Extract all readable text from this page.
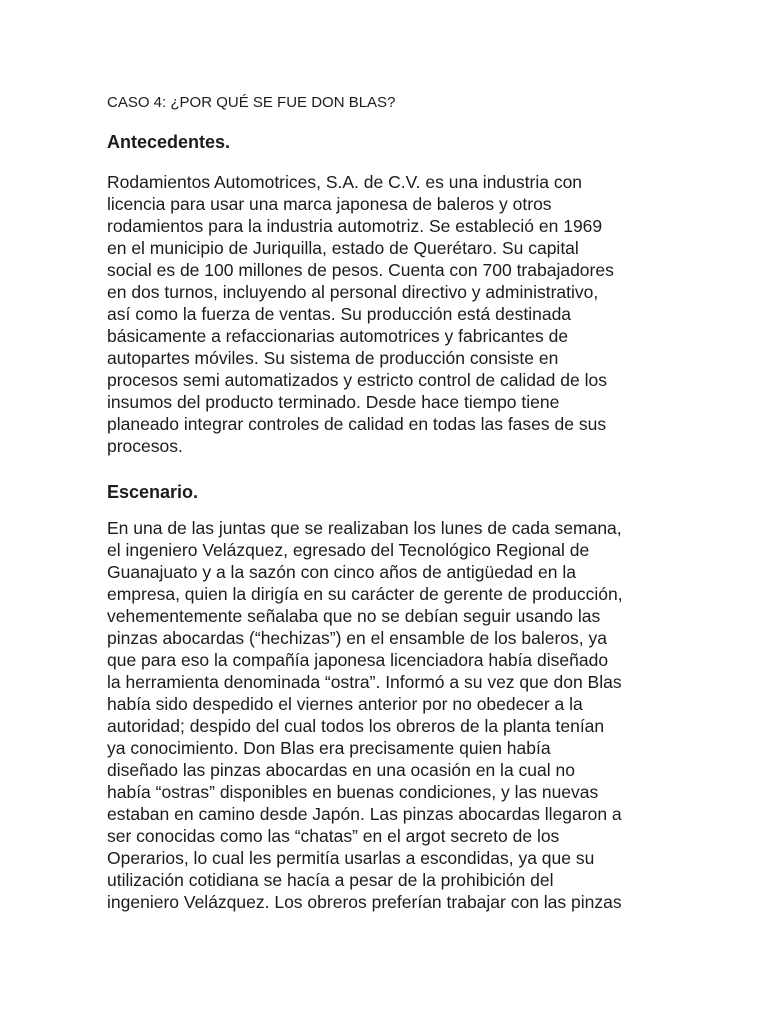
CASO 4: ¿POR QUÉ SE FUE DON BLAS?
Antecedentes.
Rodamientos Automotrices, S.A. de C.V. es una industria con
licencia para usar una marca japonesa de baleros y otros
rodamientos para la industria automotriz. Se estableció en 1969
en el municipio de Juriquilla, estado de Querétaro. Su capital
social es de 100 millones de pesos. Cuenta con 700 trabajadores
en dos turnos, incluyendo al personal directivo y administrativo,
así como la fuerza de ventas. Su producción está destinada
básicamente a refaccionarias automotrices y fabricantes de
autopartes móviles. Su sistema de producción consiste en
procesos semi automatizados y estricto control de calidad de los
insumos del producto terminado. Desde hace tiempo tiene
planeado integrar controles de calidad en todas las fases de sus
procesos.
Escenario.
En una de las juntas que se realizaban los lunes de cada semana,
el ingeniero Velázquez, egresado del Tecnológico Regional de
Guanajuato y a la sazón con cinco años de antigüedad en la
empresa, quien la dirigía en su carácter de gerente de producción,
vehementemente señalaba que no se debían seguir usando las
pinzas abocardas (“hechizas”) en el ensamble de los baleros, ya
que para eso la compañía japonesa licenciadora había diseñado
la herramienta denominada “ostra”. Informó a su vez que don Blas
había sido despedido el viernes anterior por no obedecer a la
autoridad; despido del cual todos los obreros de la planta tenían
ya conocimiento. Don Blas era precisamente quien había
diseñado las pinzas abocardas en una ocasión en la cual no
había “ostras” disponibles en buenas condiciones, y las nuevas
estaban en camino desde Japón. Las pinzas abocardas llegaron a
ser conocidas como las “chatas” en el argot secreto de los
Operarios, lo cual les permitía usarlas a escondidas, ya que su
utilización cotidiana se hacía a pesar de la prohibición del
ingeniero Velázquez. Los obreros preferían trabajar con las pinzas
